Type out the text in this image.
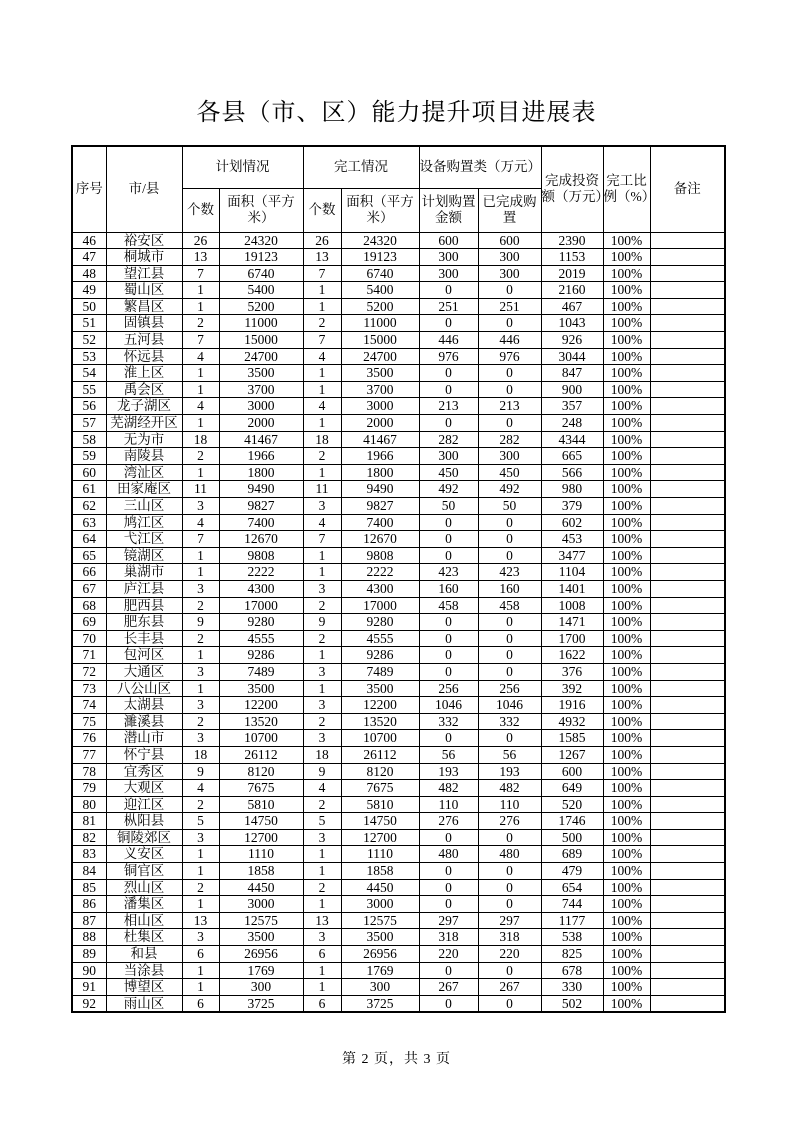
各县（市、区）能力提升项目进展表
序号	市/县	计划情况		完工情况		设备购置类（万元）		完成投资额（万元）	完工比例（%）	备注
		个数	面积（平方米）	个数	面积（平方米）	计划购置金额	已完成购置			
46	裕安区	26	24320	26	24320	600	600	2390	100%	
47	桐城市	13	19123	13	19123	300	300	1153	100%	
48	望江县	7	6740	7	6740	300	300	2019	100%	
49	蜀山区	1	5400	1	5400	0	0	2160	100%	
50	繁昌区	1	5200	1	5200	251	251	467	100%	
51	固镇县	2	11000	2	11000	0	0	1043	100%	
52	五河县	7	15000	7	15000	446	446	926	100%	
53	怀远县	4	24700	4	24700	976	976	3044	100%	
54	淮上区	1	3500	1	3500	0	0	847	100%	
55	禹会区	1	3700	1	3700	0	0	900	100%	
56	龙子湖区	4	3000	4	3000	213	213	357	100%	
57	芜湖经开区	1	2000	1	2000	0	0	248	100%	
58	无为市	18	41467	18	41467	282	282	4344	100%	
59	南陵县	2	1966	2	1966	300	300	665	100%	
60	湾沚区	1	1800	1	1800	450	450	566	100%	
61	田家庵区	11	9490	11	9490	492	492	980	100%	
62	三山区	3	9827	3	9827	50	50	379	100%	
63	鸠江区	4	7400	4	7400	0	0	602	100%	
64	弋江区	7	12670	7	12670	0	0	453	100%	
65	镜湖区	1	9808	1	9808	0	0	3477	100%	
66	巢湖市	1	2222	1	2222	423	423	1104	100%	
67	庐江县	3	4300	3	4300	160	160	1401	100%	
68	肥西县	2	17000	2	17000	458	458	1008	100%	
69	肥东县	9	9280	9	9280	0	0	1471	100%	
70	长丰县	2	4555	2	4555	0	0	1700	100%	
71	包河区	1	9286	1	9286	0	0	1622	100%	
72	大通区	3	7489	3	7489	0	0	376	100%	
73	八公山区	1	3500	1	3500	256	256	392	100%	
74	太湖县	3	12200	3	12200	1046	1046	1916	100%	
75	濉溪县	2	13520	2	13520	332	332	4932	100%	
76	潜山市	3	10700	3	10700	0	0	1585	100%	
77	怀宁县	18	26112	18	26112	56	56	1267	100%	
78	宜秀区	9	8120	9	8120	193	193	600	100%	
79	大观区	4	7675	4	7675	482	482	649	100%	
80	迎江区	2	5810	2	5810	110	110	520	100%	
81	枞阳县	5	14750	5	14750	276	276	1746	100%	
82	铜陵郊区	3	12700	3	12700	0	0	500	100%	
83	义安区	1	1110	1	1110	480	480	689	100%	
84	铜官区	1	1858	1	1858	0	0	479	100%	
85	烈山区	2	4450	2	4450	0	0	654	100%	
86	潘集区	1	3000	1	3000	0	0	744	100%	
87	相山区	13	12575	13	12575	297	297	1177	100%	
88	杜集区	3	3500	3	3500	318	318	538	100%	
89	和县	6	26956	6	26956	220	220	825	100%	
90	当涂县	1	1769	1	1769	0	0	678	100%	
91	博望区	1	300	1	300	267	267	330	100%	
92	雨山区	6	3725	6	3725	0	0	502	100%	
第 2 页，共 3 页
